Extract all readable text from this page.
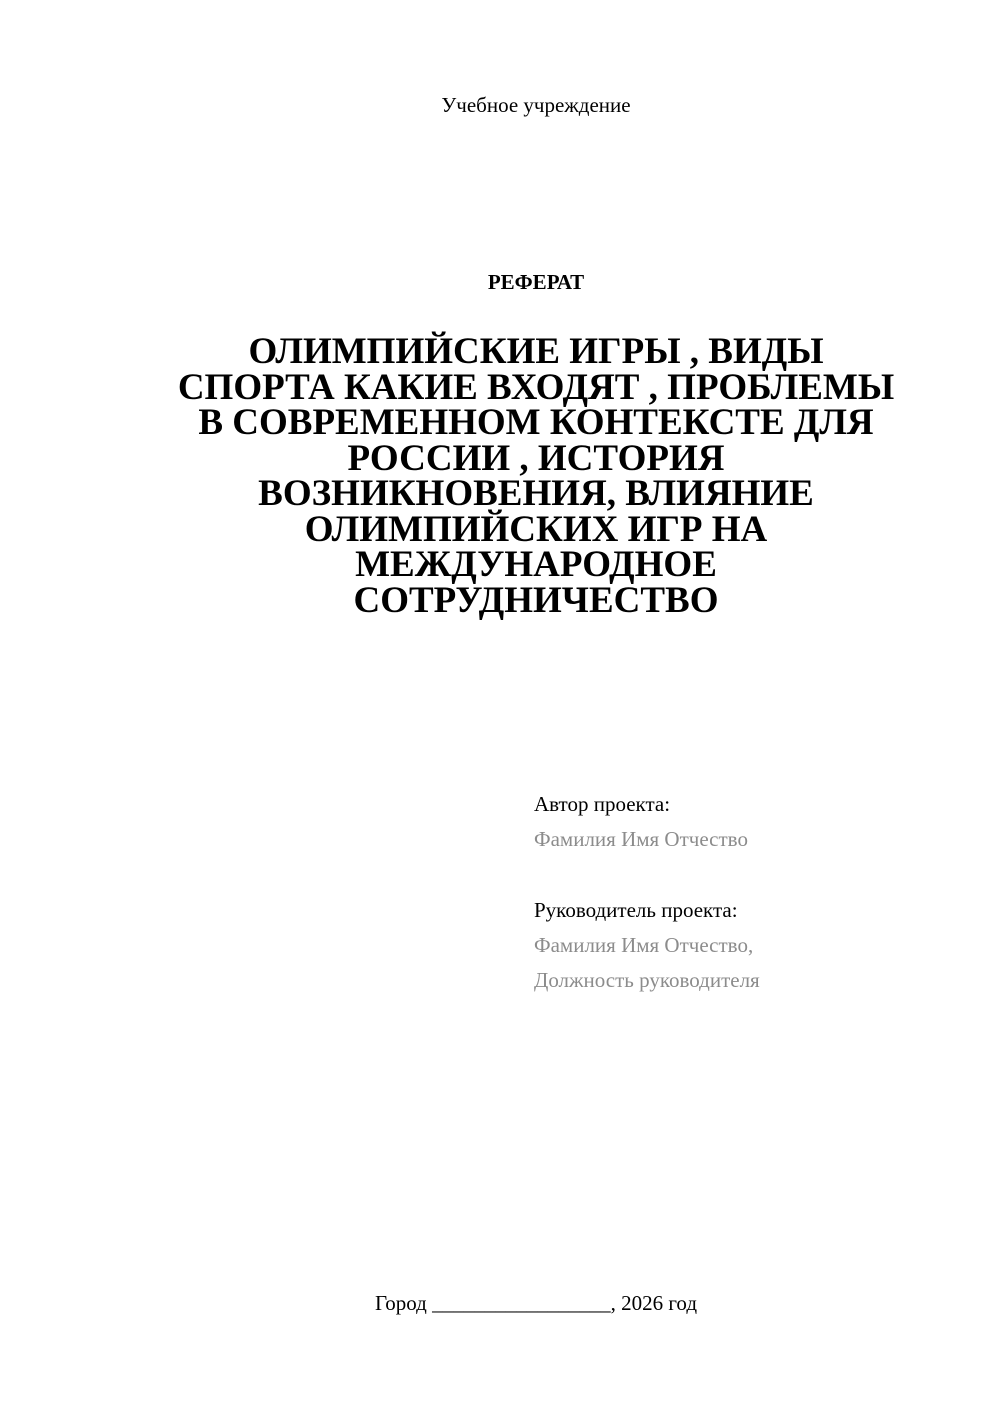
Учебное учреждение
РЕФЕРАТ
ОЛИМПИЙСКИЕ ИГРЫ , ВИДЫ
СПОРТА КАКИЕ ВХОДЯТ , ПРОБЛЕМЫ
В СОВРЕМЕННОМ КОНТЕКСТЕ ДЛЯ
РОССИИ , ИСТОРИЯ
ВОЗНИКНОВЕНИЯ, ВЛИЯНИЕ
ОЛИМПИЙСКИХ ИГР НА
МЕЖДУНАРОДНОЕ
СОТРУДНИЧЕСТВО
Автор проекта:
Фамилия Имя Отчество
Руководитель проекта:
Фамилия Имя Отчество,
Должность руководителя
Город _________________, 2026 год
